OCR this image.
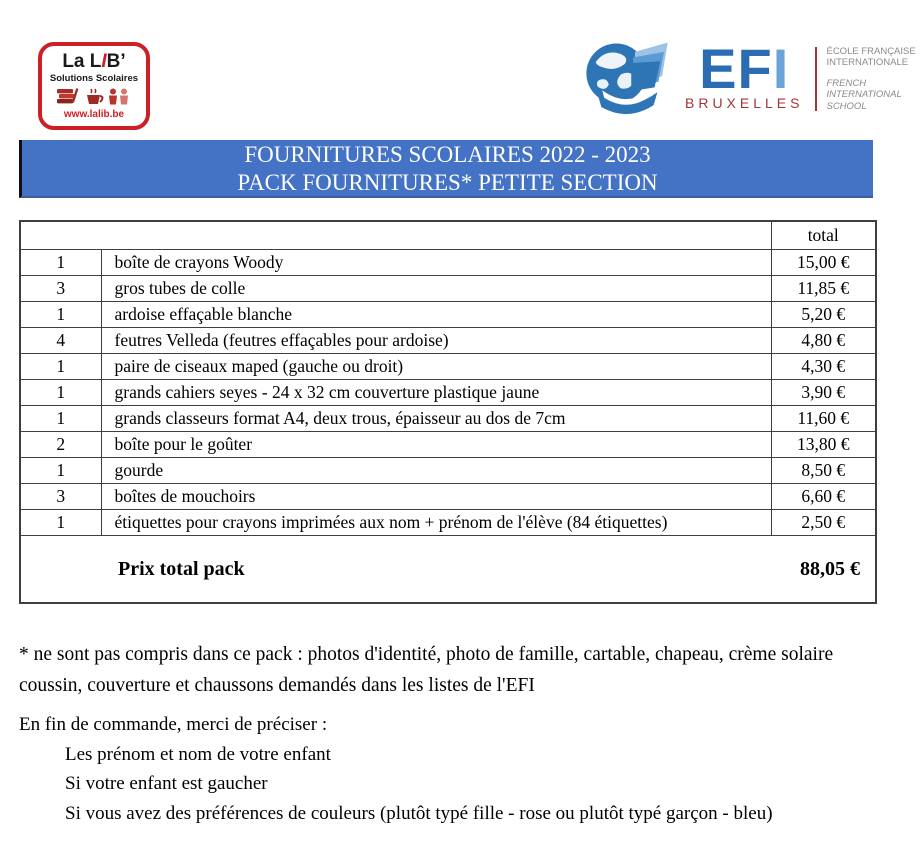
La LIB’
Solutions Scolaires
www.lalib.be
EFI
BRUXELLES
ÉCOLE FRANÇAISE INTERNATIONALE
FRENCH INTERNATIONAL SCHOOL
FOURNITURES SCOLAIRES 2022 - 2023
PACK FOURNITURES* PETITE SECTION
		total
1	boîte de crayons Woody	15,00 €
3	gros tubes de colle	11,85 €
1	ardoise effaçable blanche	5,20 €
4	feutres Velleda (feutres effaçables pour ardoise)	4,80 €
1	paire de ciseaux maped (gauche ou droit)	4,30 €
1	grands cahiers seyes - 24 x 32 cm couverture plastique jaune	3,90 €
1	grands classeurs format A4, deux trous, épaisseur au dos de 7cm	11,60 €
2	boîte pour le goûter	13,80 €
1	gourde	8,50 €
3	boîtes de mouchoirs	6,60 €
1	étiquettes pour crayons imprimées aux nom + prénom de l'élève (84 étiquettes)	2,50 €

Prix total pack 88,05 €		
* ne sont pas compris dans ce pack : photos d'identité, photo de famille, cartable, chapeau, crème solaire
coussin, couverture et chaussons demandés dans les listes de l'EFI
En fin de commande, merci de préciser :
Les prénom et nom de votre enfant
Si votre enfant est gaucher
Si vous avez des préférences de couleurs (plutôt typé fille - rose ou plutôt typé garçon - bleu)
